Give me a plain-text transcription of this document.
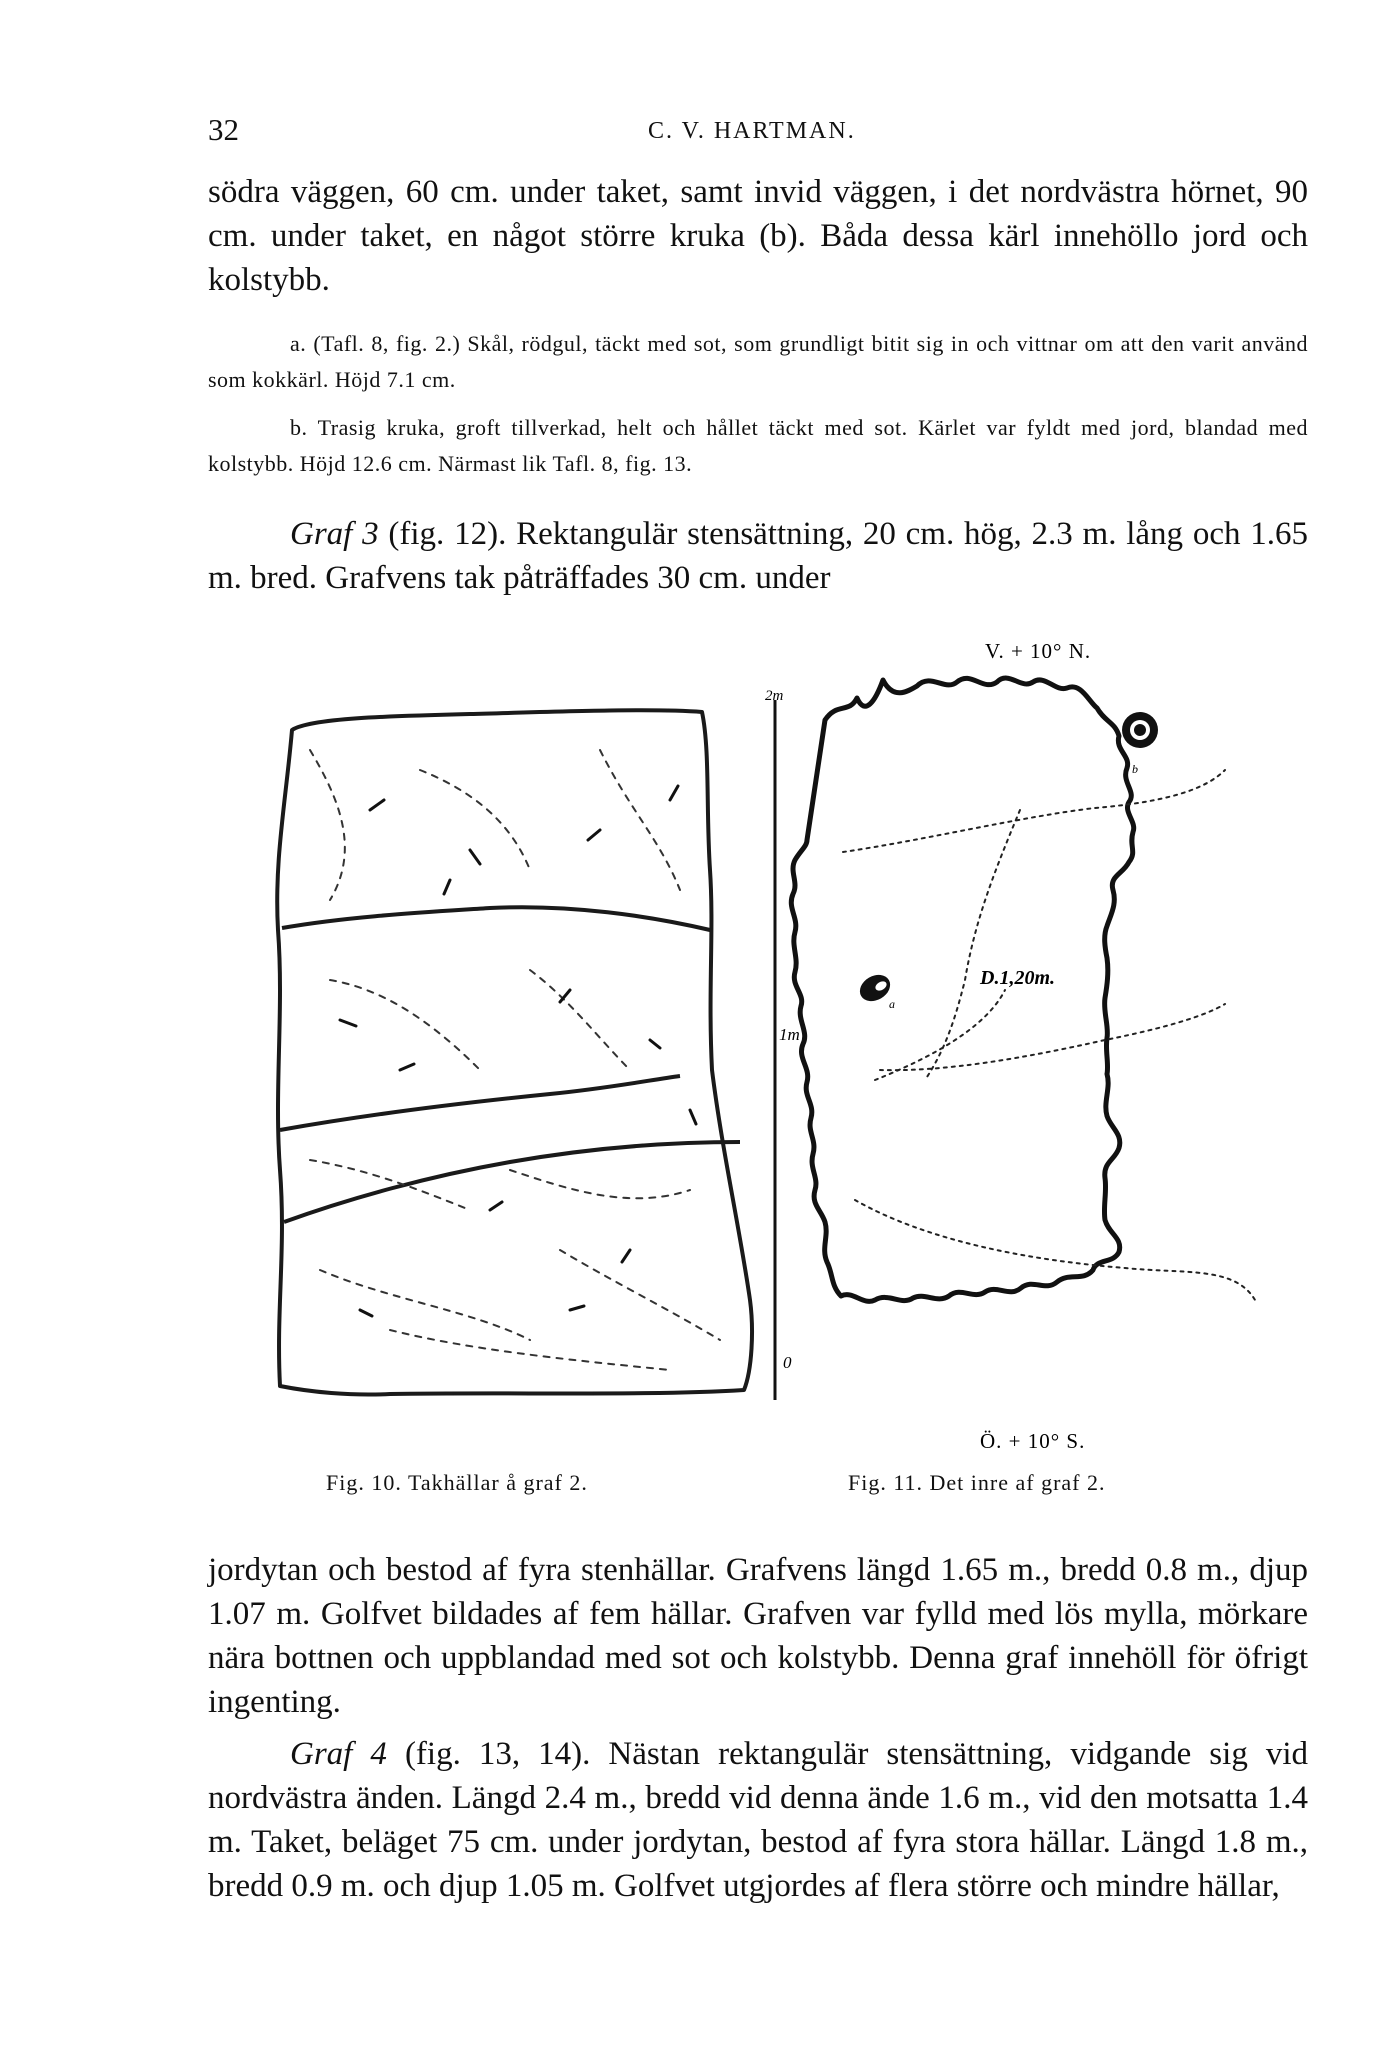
32	C. V. HARTMAN.

södra väggen, 60 cm. under taket, samt invid väggen, i det nordvästra hörnet, 90 cm. under taket, en något större kruka (b). Båda dessa kärl innehöllo jord och kolstybb.

a. (Tafl. 8, fig. 2.) Skål, rödgul, täckt med sot, som grundligt bitit sig in och vittnar om att den varit använd som kokkärl. Höjd 7.1 cm.

b. Trasig kruka, groft tillverkad, helt och hållet täckt med sot. Kärlet var fyldt med jord, blandad med kolstybb. Höjd 12.6 cm. Närmast lik Tafl. 8, fig. 13.

Graf 3 (fig. 12). Rektangulär stensättning, 20 cm. hög, 2.3 m. lång och 1.65 m. bred. Grafvens tak påträffades 30 cm. under

V. + 10° N.
2m
1m
0
b
a
D.1,20m.
Ö. + 10° S.
Fig. 10. Takhällar å graf 2.	Fig. 11. Det inre af graf 2.

jordytan och bestod af fyra stenhällar. Grafvens längd 1.65 m., bredd 0.8 m., djup 1.07 m. Golfvet bildades af fem hällar. Grafven var fylld med lös mylla, mörkare nära bottnen och uppblandad med sot och kolstybb. Denna graf innehöll för öfrigt ingenting.

Graf 4 (fig. 13, 14). Nästan rektangulär stensättning, vidgande sig vid nordvästra änden. Längd 2.4 m., bredd vid denna ände 1.6 m., vid den motsatta 1.4 m. Taket, beläget 75 cm. under jordytan, bestod af fyra stora hällar. Längd 1.8 m., bredd 0.9 m. och djup 1.05 m. Golfvet utgjordes af flera större och mindre hällar,
